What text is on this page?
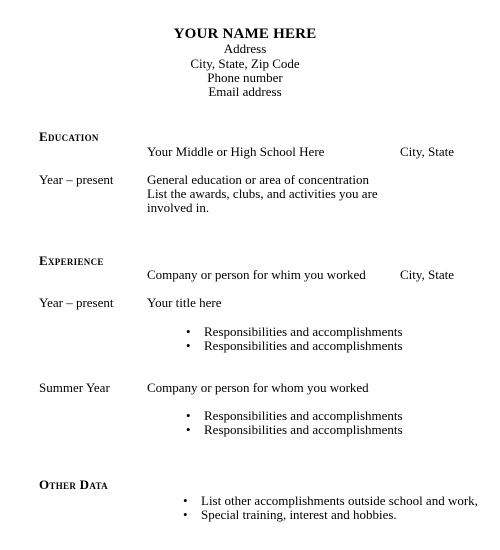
YOUR NAME HERE
Address
City, State, Zip Code
Phone number
Email address
Education
Your Middle or High School Here	City, State
Year – present	General education or area of concentration
List the awards, clubs, and activities you are
involved in.
Experience
Company or person for whim you worked	City, State
Year – present	Your title here
• Responsibilities and accomplishments
• Responsibilities and accomplishments
Summer Year	Company or person for whom you worked
• Responsibilities and accomplishments
• Responsibilities and accomplishments
Other Data
• List other accomplishments outside school and work,
• Special training, interest and hobbies.
